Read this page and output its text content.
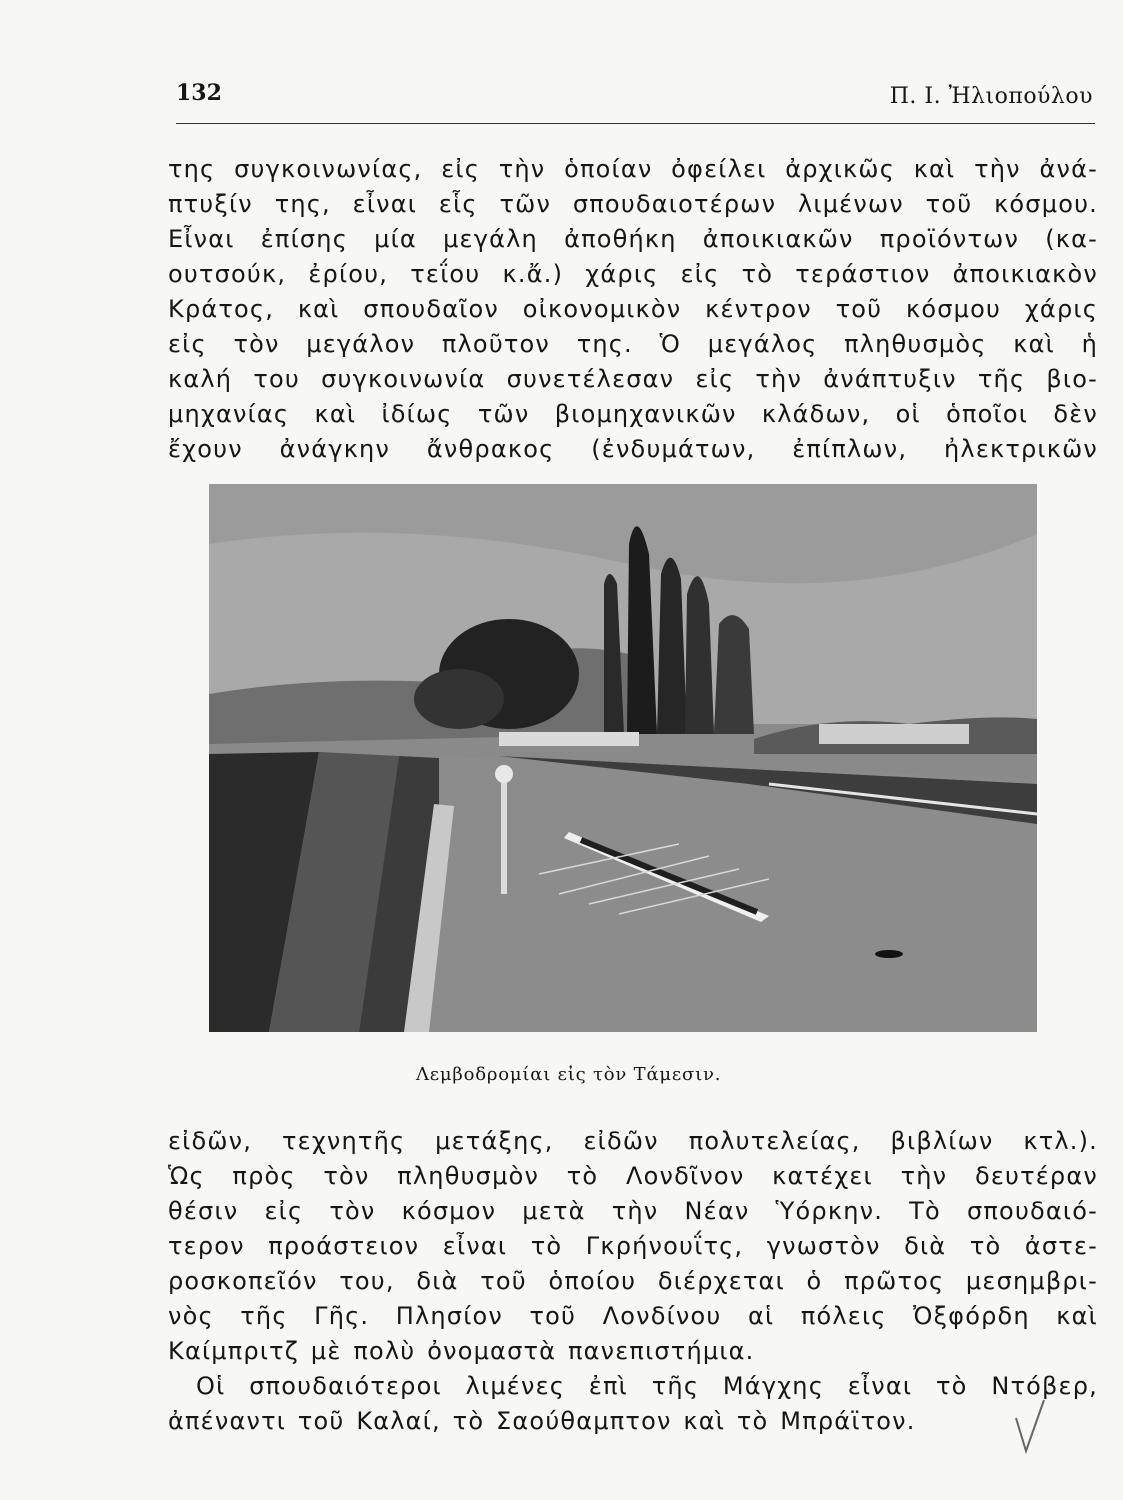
132	Π. Ι. Ἠλιοπούλου
της συγκοινωνίας, εἰς τὴν ὁποίαν ὀφείλει ἀρχικῶς καὶ τὴν ἀνά-
πτυξίν της, εἶναι εἷς τῶν σπουδαιοτέρων λιμένων τοῦ κόσμου.
Εἶναι ἐπίσης μία μεγάλη ἀποθήκη ἀποικιακῶν προϊόντων (κα-
ουτσούκ, ἐρίου, τεΐου κ.ἄ.) χάρις εἰς τὸ τεράστιον ἀποικιακὸν
Κράτος, καὶ σπουδαῖον οἰκονομικὸν κέντρον τοῦ κόσμου χάρις
εἰς τὸν μεγάλον πλοῦτον της. Ὁ μεγάλος πληθυσμὸς καὶ ἡ
καλή του συγκοινωνία συνετέλεσαν εἰς τὴν ἀνάπτυξιν τῆς βιο-
μηχανίας καὶ ἰδίως τῶν βιομηχανικῶν κλάδων, οἱ ὁποῖοι δὲν
ἔχουν ἀνάγκην ἄνθρακος (ἐνδυμάτων, ἐπίπλων, ἠλεκτρικῶν
Λεμβοδρομίαι εἰς τὸν Τάμεσιν.
εἰδῶν, τεχνητῆς μετάξης, εἰδῶν πολυτελείας, βιβλίων κτλ.).
Ὡς πρὸς τὸν πληθυσμὸν τὸ Λονδῖνον κατέχει τὴν δευτέραν
θέσιν εἰς τὸν κόσμον μετὰ τὴν Νέαν Ὑόρκην. Τὸ σπουδαιό-
τερον προάστειον εἶναι τὸ Γκρήνουΐτς, γνωστὸν διὰ τὸ ἀστε-
ροσκοπεῖόν του, διὰ τοῦ ὁποίου διέρχεται ὁ πρῶτος μεσημβρι-
νὸς τῆς Γῆς. Πλησίον τοῦ Λονδίνου αἱ πόλεις Ὀξφόρδη καὶ
Καίμπριτζ μὲ πολὺ ὀνομαστὰ πανεπιστήμια.
Οἱ σπουδαιότεροι λιμένες ἐπὶ τῆς Μάγχης εἶναι τὸ Ντόβερ,
ἀπέναντι τοῦ Καλαί, τὸ Σαούθαμπτον καὶ τὸ Μπράϊτον.
